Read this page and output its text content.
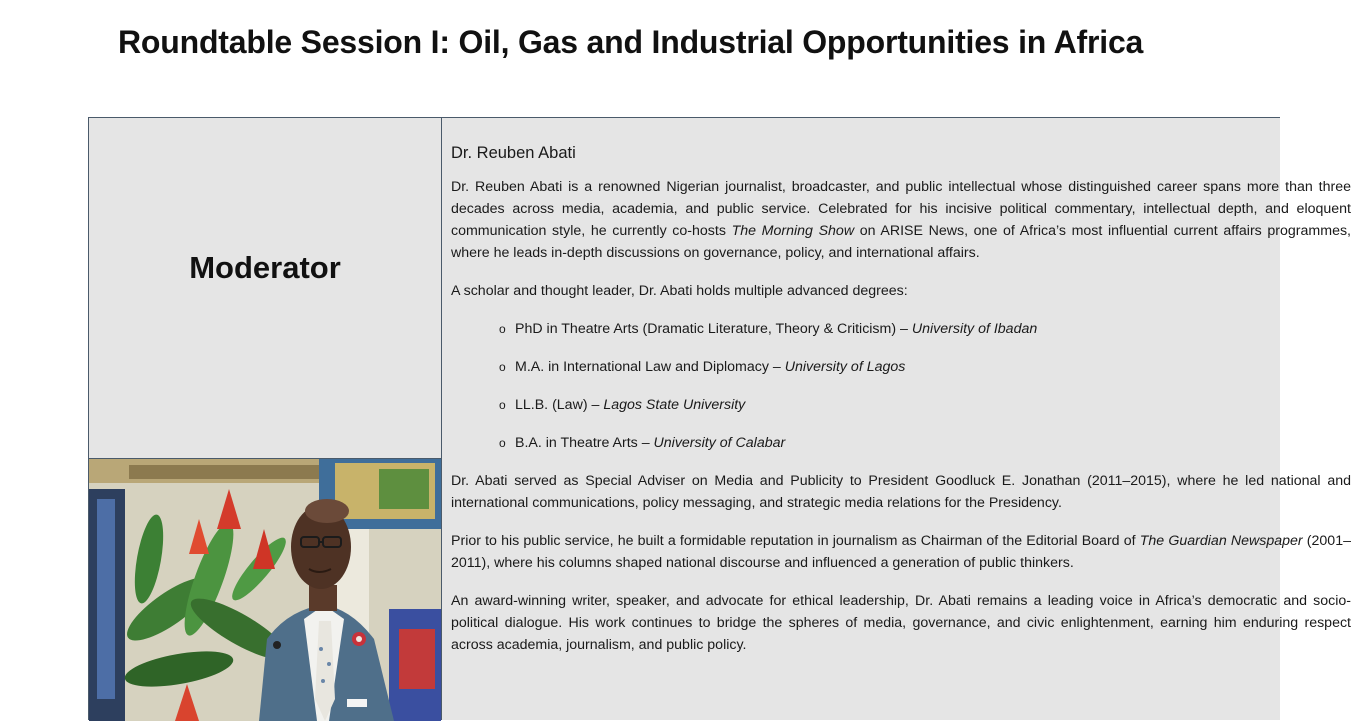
Roundtable Session I: Oil, Gas and Industrial Opportunities in Africa
Moderator
Dr. Reuben Abati

Dr. Reuben Abati is a renowned Nigerian journalist, broadcaster, and public intellectual whose distinguished career spans more than three decades across media, academia, and public service. Celebrated for his incisive political commentary, intellectual depth, and eloquent communication style, he currently co-hosts The Morning Show on ARISE News, one of Africa’s most influential current affairs programmes, where he leads in-depth discussions on governance, policy, and international affairs.

A scholar and thought leader, Dr. Abati holds multiple advanced degrees:

o PhD in Theatre Arts (Dramatic Literature, Theory & Criticism) – University of Ibadan
o M.A. in International Law and Diplomacy – University of Lagos
o LL.B. (Law) – Lagos State University
o B.A. in Theatre Arts – University of Calabar

Dr. Abati served as Special Adviser on Media and Publicity to President Goodluck E. Jonathan (2011–2015), where he led national and international communications, policy messaging, and strategic media relations for the Presidency.

Prior to his public service, he built a formidable reputation in journalism as Chairman of the Editorial Board of The Guardian Newspaper (2001–2011), where his columns shaped national discourse and influenced a generation of public thinkers.

An award-winning writer, speaker, and advocate for ethical leadership, Dr. Abati remains a leading voice in Africa’s democratic and socio-political dialogue. His work continues to bridge the spheres of media, governance, and civic enlightenment, earning him enduring respect across academia, journalism, and public policy.
